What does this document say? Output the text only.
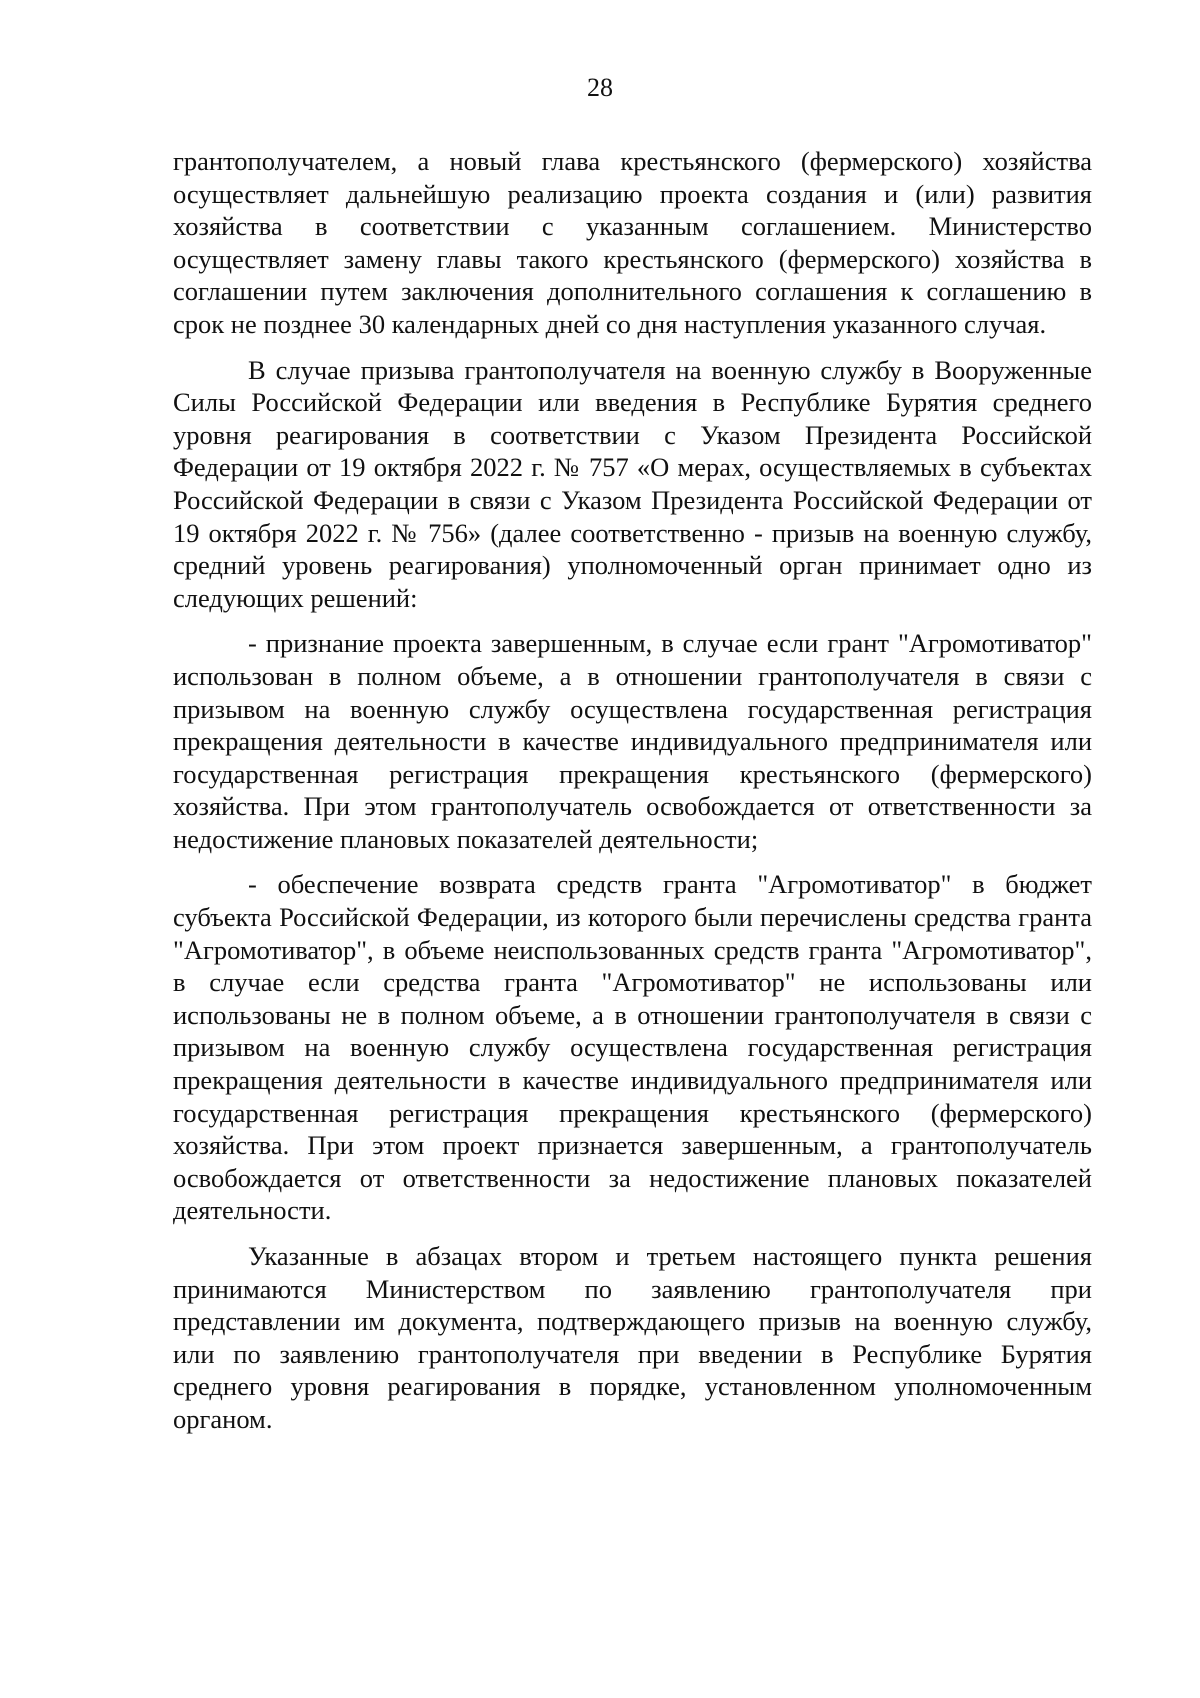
28

грантополучателем, а новый глава крестьянского (фермерского) хозяйства осуществляет дальнейшую реализацию проекта создания и (или) развития хозяйства в соответствии с указанным соглашением. Министерство осуществляет замену главы такого крестьянского (фермерского) хозяйства в соглашении путем заключения дополнительного соглашения к соглашению в срок не позднее 30 календарных дней со дня наступления указанного случая.

В случае призыва грантополучателя на военную службу в Вооруженные Силы Российской Федерации или введения в Республике Бурятия среднего уровня реагирования в соответствии с Указом Президента Российской Федерации от 19 октября 2022 г. № 757 «О мерах, осуществляемых в субъектах Российской Федерации в связи с Указом Президента Российской Федерации от 19 октября 2022 г. № 756» (далее соответственно - призыв на военную службу, средний уровень реагирования) уполномоченный орган принимает одно из следующих решений:

- признание проекта завершенным, в случае если грант "Агромотиватор" использован в полном объеме, а в отношении грантополучателя в связи с призывом на военную службу осуществлена государственная регистрация прекращения деятельности в качестве индивидуального предпринимателя или государственная регистрация прекращения крестьянского (фермерского) хозяйства. При этом грантополучатель освобождается от ответственности за недостижение плановых показателей деятельности;

- обеспечение возврата средств гранта "Агромотиватор" в бюджет субъекта Российской Федерации, из которого были перечислены средства гранта "Агромотиватор", в объеме неиспользованных средств гранта "Агромотиватор", в случае если средства гранта "Агромотиватор" не использованы или использованы не в полном объеме, а в отношении грантополучателя в связи с призывом на военную службу осуществлена государственная регистрация прекращения деятельности в качестве индивидуального предпринимателя или государственная регистрация прекращения крестьянского (фермерского) хозяйства. При этом проект признается завершенным, а грантополучатель освобождается от ответственности за недостижение плановых показателей деятельности.

Указанные в абзацах втором и третьем настоящего пункта решения принимаются Министерством по заявлению грантополучателя при представлении им документа, подтверждающего призыв на военную службу, или по заявлению грантополучателя при введении в Республике Бурятия среднего уровня реагирования в порядке, установленном уполномоченным органом.
